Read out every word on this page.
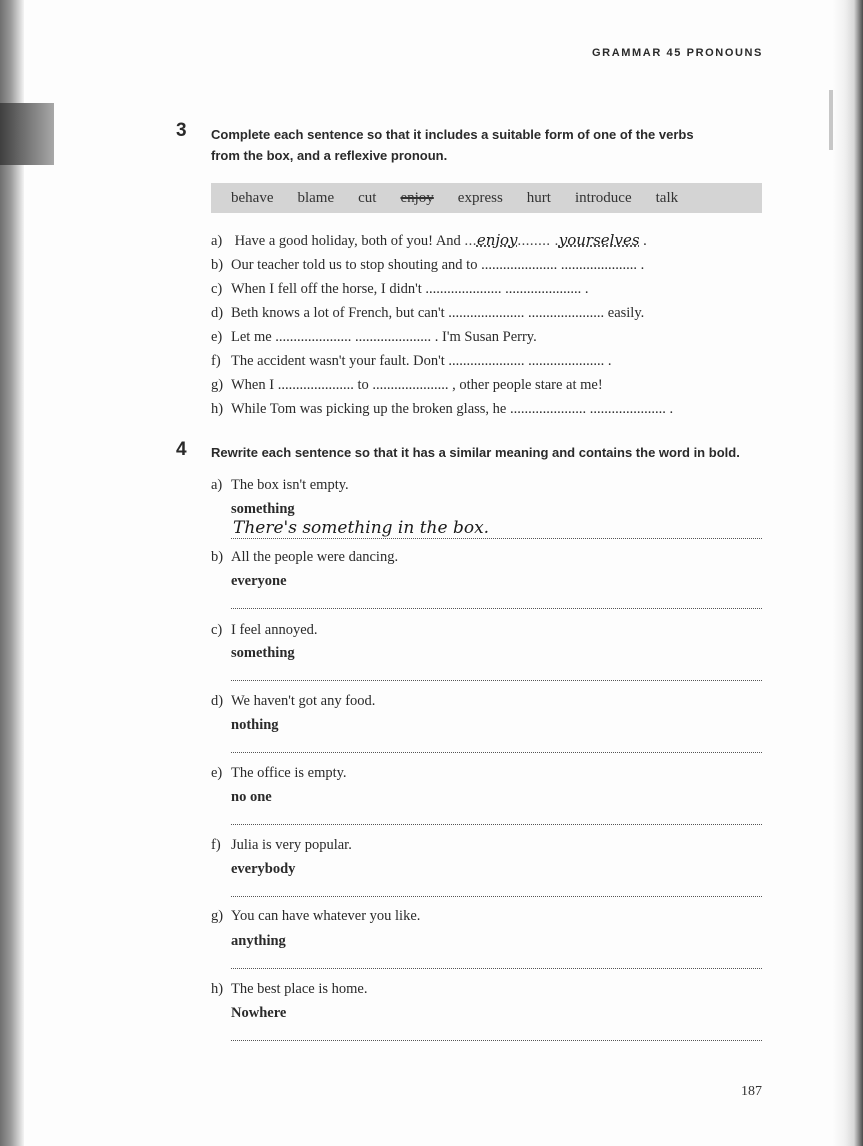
GRAMMAR 45 PRONOUNS
3 Complete each sentence so that it includes a suitable form of one of the verbs
from the box, and a reflexive pronoun.
behave blame cut enjoy express hurt introduce talk
a) Have a good holiday, both of you! And ...enjoy........ .yourselves .
b) Our teacher told us to stop shouting and to ..................... ..................... .
c) When I fell off the horse, I didn't ..................... ..................... .
d) Beth knows a lot of French, but can't ..................... ..................... easily.
e) Let me ..................... ..................... . I'm Susan Perry.
f) The accident wasn't your fault. Don't ..................... ..................... .
g) When I ..................... to ..................... , other people stare at me!
h) While Tom was picking up the broken glass, he ..................... ..................... .
4 Rewrite each sentence so that it has a similar meaning and contains the word in bold.
a) The box isn't empty.
something
There's something in the box.
b) All the people were dancing.
everyone
c) I feel annoyed.
something
d) We haven't got any food.
nothing
e) The office is empty.
no one
f) Julia is very popular.
everybody
g) You can have whatever you like.
anything
h) The best place is home.
Nowhere
187
